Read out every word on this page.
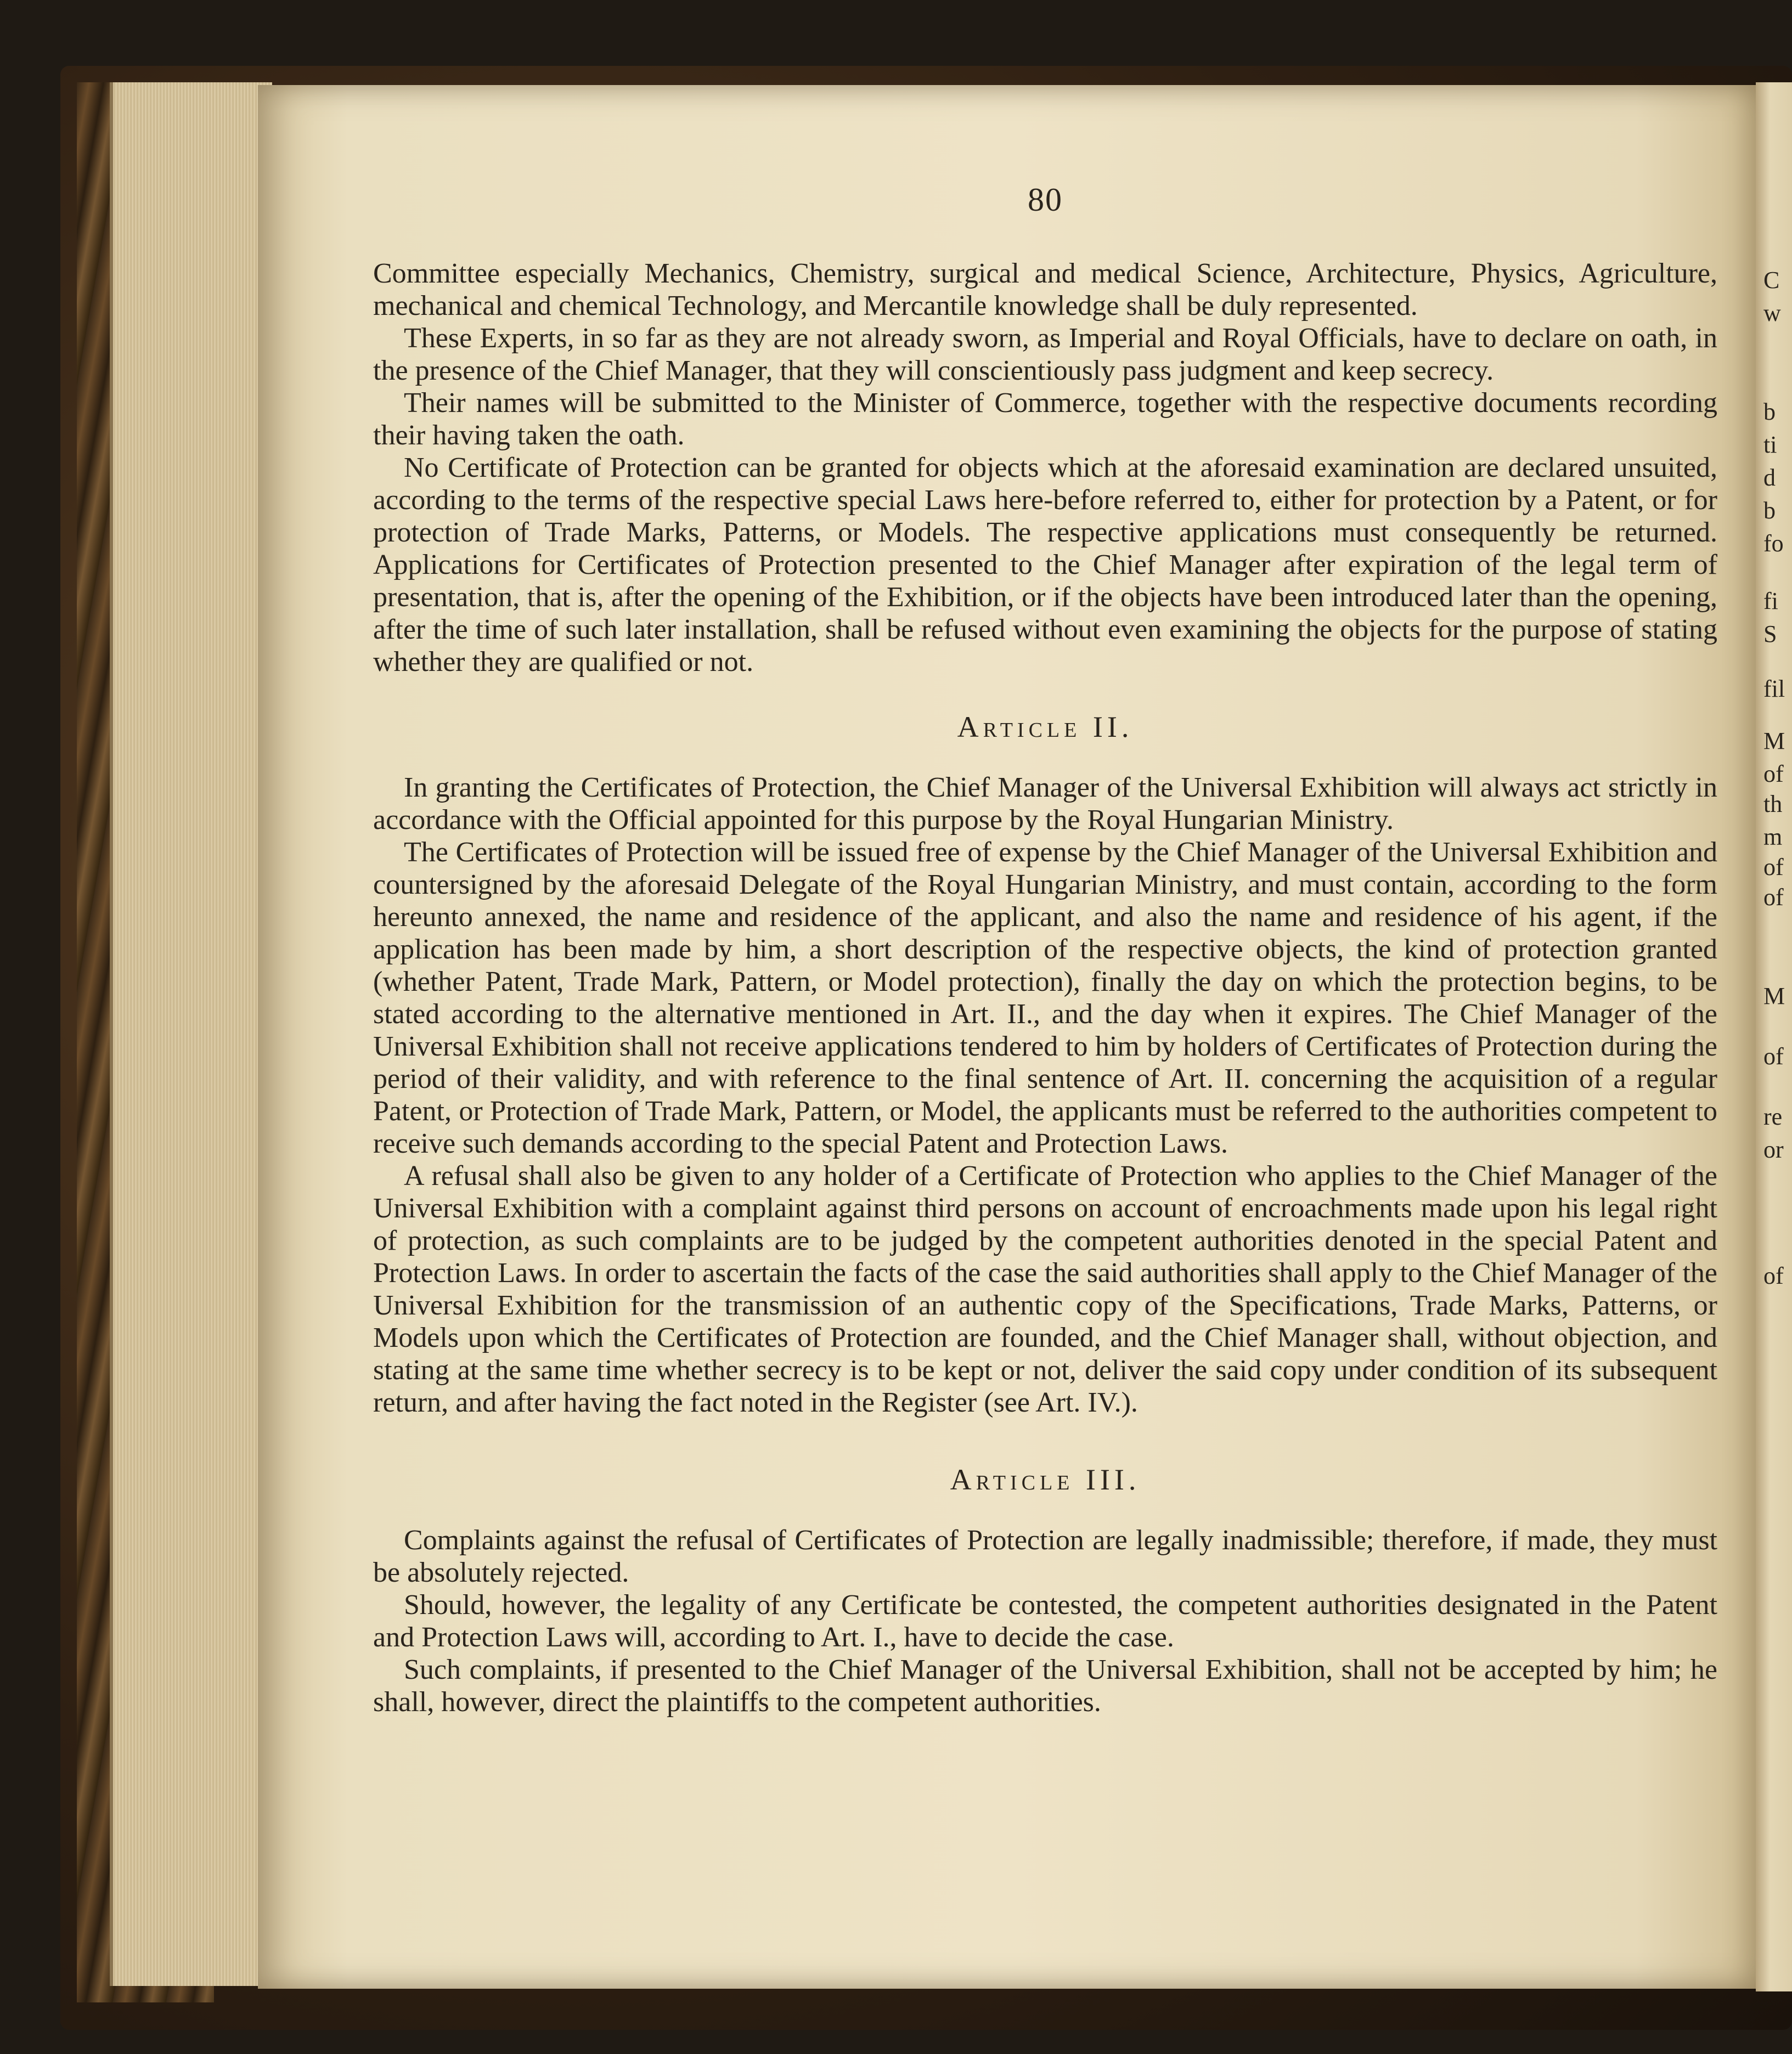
C
w
b
ti
d
b
fo
fi
S
fil
M
of
th
m
of
of
M
of
re
or
of
80

Committee especially Mechanics, Chemistry, surgical and medical Science, Architecture, Physics, Agriculture, mechanical and chemical Technology, and Mercantile knowledge shall be duly represented.

These Experts, in so far as they are not already sworn, as Imperial and Royal Officials, have to declare on oath, in the presence of the Chief Manager, that they will conscientiously pass judgment and keep secrecy.

Their names will be submitted to the Minister of Commerce, together with the respective documents recording their having taken the oath.

No Certificate of Protection can be granted for objects which at the aforesaid examination are declared unsuited, according to the terms of the respective special Laws here-before referred to, either for protection by a Patent, or for protection of Trade Marks, Patterns, or Models. The respective applications must consequently be returned. Applications for Certificates of Protection presented to the Chief Manager after expiration of the legal term of presentation, that is, after the opening of the Exhibition, or if the objects have been introduced later than the opening, after the time of such later installation, shall be refused without even examining the objects for the purpose of stating whether they are qualified or not.

Article II.

In granting the Certificates of Protection, the Chief Manager of the Universal Exhibition will always act strictly in accordance with the Official appointed for this purpose by the Royal Hungarian Ministry.

The Certificates of Protection will be issued free of expense by the Chief Manager of the Universal Exhibition and countersigned by the aforesaid Delegate of the Royal Hungarian Ministry, and must contain, according to the form hereunto annexed, the name and residence of the applicant, and also the name and residence of his agent, if the application has been made by him, a short description of the respective objects, the kind of protection granted (whether Patent, Trade Mark, Pattern, or Model protection), finally the day on which the protection begins, to be stated according to the alternative mentioned in Art. II., and the day when it expires. The Chief Manager of the Universal Exhibition shall not receive applications tendered to him by holders of Certificates of Protection during the period of their validity, and with reference to the final sentence of Art. II. concerning the acquisition of a regular Patent, or Protection of Trade Mark, Pattern, or Model, the applicants must be referred to the authorities competent to receive such demands according to the special Patent and Protection Laws.

A refusal shall also be given to any holder of a Certificate of Protection who applies to the Chief Manager of the Universal Exhibition with a complaint against third persons on account of encroachments made upon his legal right of protection, as such complaints are to be judged by the competent authorities denoted in the special Patent and Protection Laws. In order to ascertain the facts of the case the said authorities shall apply to the Chief Manager of the Universal Exhibition for the transmission of an authentic copy of the Specifications, Trade Marks, Patterns, or Models upon which the Certificates of Protection are founded, and the Chief Manager shall, without objection, and stating at the same time whether secrecy is to be kept or not, deliver the said copy under condition of its subsequent return, and after having the fact noted in the Register (see Art. IV.).

Article III.

Complaints against the refusal of Certificates of Protection are legally inadmissible; therefore, if made, they must be absolutely rejected.

Should, however, the legality of any Certificate be contested, the competent authorities designated in the Patent and Protection Laws will, according to Art. I., have to decide the case.

Such complaints, if presented to the Chief Manager of the Universal Exhibition, shall not be accepted by him; he shall, however, direct the plaintiffs to the competent authorities.
